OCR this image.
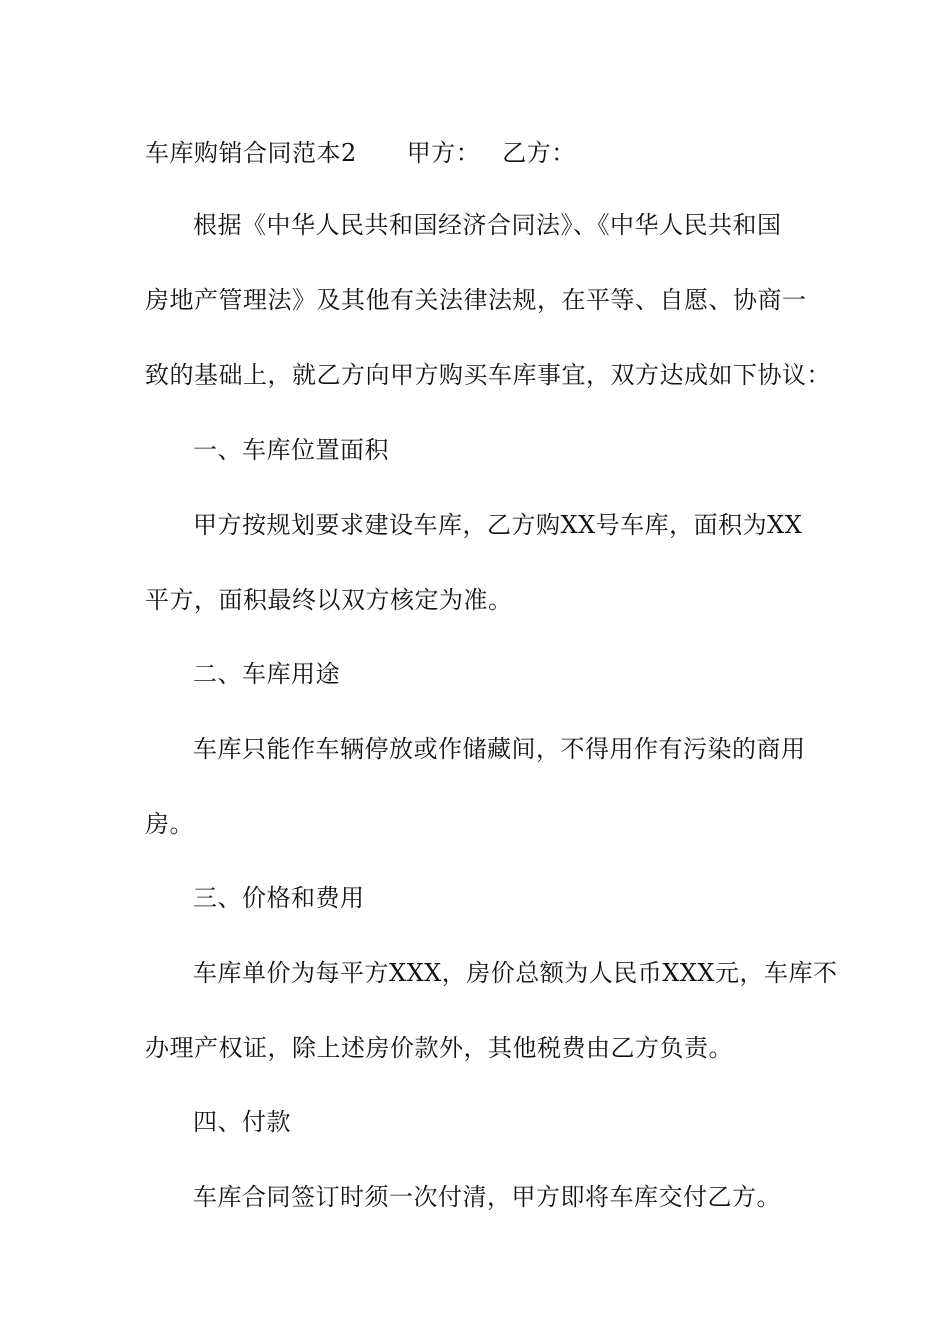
车库购销合同范本2 甲方： 乙方：
根据《中华人民共和国经济合同法》、《中华人民共和国
房地产管理法》及其他有关法律法规，在平等、自愿、协商一
致的基础上，就乙方向甲方购买车库事宜，双方达成如下协议：
一、车库位置面积
甲方按规划要求建设车库，乙方购XX号车库，面积为XX
平方，面积最终以双方核定为准。
二、车库用途
车库只能作车辆停放或作储藏间，不得用作有污染的商用
房。
三、价格和费用
车库单价为每平方XXX，房价总额为人民币XXX元，车库不
办理产权证，除上述房价款外，其他税费由乙方负责。
四、付款
车库合同签订时须一次付清，甲方即将车库交付乙方。
